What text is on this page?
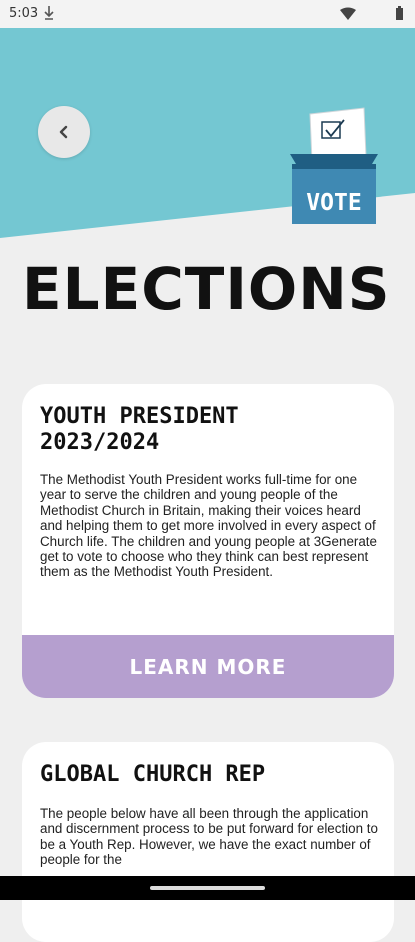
5:03
VOTE
ELECTIONS
YOUTH PRESIDENT
2023/2024

The Methodist Youth President works full-time for one year to serve the children and young people of the Methodist Church in Britain, making their voices heard and helping them to get more involved in every aspect of Church life. The children and young people at 3Generate get to vote to choose who they think can best represent them as the Methodist Youth President.

LEARN MORE
GLOBAL CHURCH REP

The people below have all been through the application and discernment process to be put forward for election to be a Youth Rep. However, we have the exact number of people for the
